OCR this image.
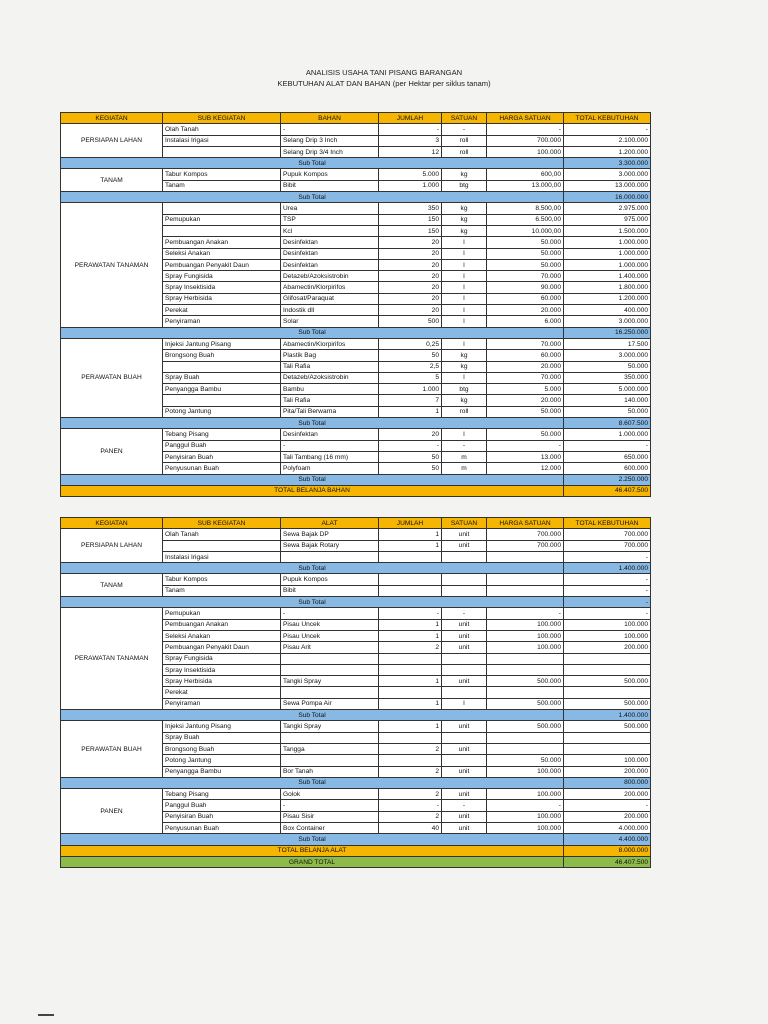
ANALISIS USAHA TANI PISANG BARANGAN
KEBUTUHAN ALAT DAN BAHAN (per Hektar per siklus tanam)
KEGIATAN	SUB KEGIATAN	BAHAN	JUMLAH	SATUAN	HARGA SATUAN	TOTAL KEBUTUHAN
PERSIAPAN LAHAN	Olah Tanah	-	-	-	-	-
	Instalasi Irigasi	Selang Drip 3 Inch	3	roll	700.000	2.100.000
		Selang Drip 3/4 Inch	12	roll	100.000	1.200.000
Sub Total						3.300.000
TANAM	Tabur Kompos	Pupuk Kompos	5.000	kg	600,00	3.000.000
	Tanam	Bibit	1.000	btg	13.000,00	13.000.000
Sub Total						16.000.000
PERAWATAN TANAMAN		Urea	350	kg	8.500,00	2.975.000
	Pemupukan	TSP	150	kg	6.500,00	975.000
		Kcl	150	kg	10.000,00	1.500.000
	Pembuangan Anakan	Desinfektan	20	l	50.000	1.000.000
	Seleksi Anakan	Desinfektan	20	l	50.000	1.000.000
	Pembuangan Penyakit Daun	Desinfektan	20	l	50.000	1.000.000
	Spray Fungisida	Detazeb/Azoksistrobin	20	l	70.000	1.400.000
	Spray Insektisida	Abamectin/Klorpirifos	20	l	90.000	1.800.000
	Spray Herbisida	Glifosat/Paraquat	20	l	60.000	1.200.000
	Perekat	Indostik dll	20	l	20.000	400.000
	Penyiraman	Solar	500	l	6.000	3.000.000
Sub Total						16.250.000
PERAWATAN BUAH	Injeksi Jantung Pisang	Abamectin/Klorpirifos	0,25	l	70.000	17.500
	Brongsong Buah	Plastik Bag	50	kg	60.000	3.000.000
		Tali Rafia	2,5	kg	20.000	50.000
	Spray Buah	Detazeb/Azoksistrobin	5	l	70.000	350.000
	Penyangga Bambu	Bambu	1.000	btg	5.000	5.000.000
		Tali Rafia	7	kg	20.000	140.000
	Potong Jantung	Pita/Tali Berwarna	1	roll	50.000	50.000
Sub Total						8.607.500
PANEN	Tebang Pisang	Desinfektan	20	l	50.000	1.000.000
	Panggul Buah	-	-	-	-	-
	Penyisiran Buah	Tali Tambang (16 mm)	50	m	13.000	650.000
	Penyusunan Buah	Polyfoam	50	m	12.000	600.000
Sub Total						2.250.000
TOTAL BELANJA BAHAN						46.407.500
KEGIATAN	SUB KEGIATAN	ALAT	JUMLAH	SATUAN	HARGA SATUAN	TOTAL KEBUTUHAN
PERSIAPAN LAHAN	Olah Tanah	Sewa Bajak DP	1	unit	700.000	700.000
		Sewa Bajak Rotary	1	unit	700.000	700.000
	Instalasi Irigasi					-
Sub Total						1.400.000
TANAM	Tabur Kompos	Pupuk Kompos				-
	Tanam	Bibit				-
Sub Total						-
PERAWATAN TANAMAN	Pemupukan	-	-	-	-	-
	Pembuangan Anakan	Pisau Uncek	1	unit	100.000	100.000
	Seleksi Anakan	Pisau Uncek	1	unit	100.000	100.000
	Pembuangan Penyakit Daun	Pisau Arit	2	unit	100.000	200.000
	Spray Fungisida					
	Spray Insektisida					
	Spray Herbisida	Tangki Spray	1	unit	500.000	500.000
	Perekat					
	Penyiraman	Sewa Pompa Air	1	l	500.000	500.000
Sub Total						1.400.000
PERAWATAN BUAH	Injeksi Jantung Pisang	Tangki Spray	1	unit	500.000	500.000
	Spray Buah					
	Brongsong Buah	Tangga	2	unit		
	Potong Jantung				50.000	100.000
	Penyangga Bambu	Bor Tanah	2	unit	100.000	200.000
Sub Total						800.000
PANEN	Tebang Pisang	Golok	2	unit	100.000	200.000
	Panggul Buah	-	-	-	-	-
	Penyisiran Buah	Pisau Sisir	2	unit	100.000	200.000
	Penyusunan Buah	Box Container	40	unit	100.000	4.000.000
Sub Total						4.400.000
TOTAL BELANJA ALAT						8.000.000
GRAND TOTAL						46.407.500
